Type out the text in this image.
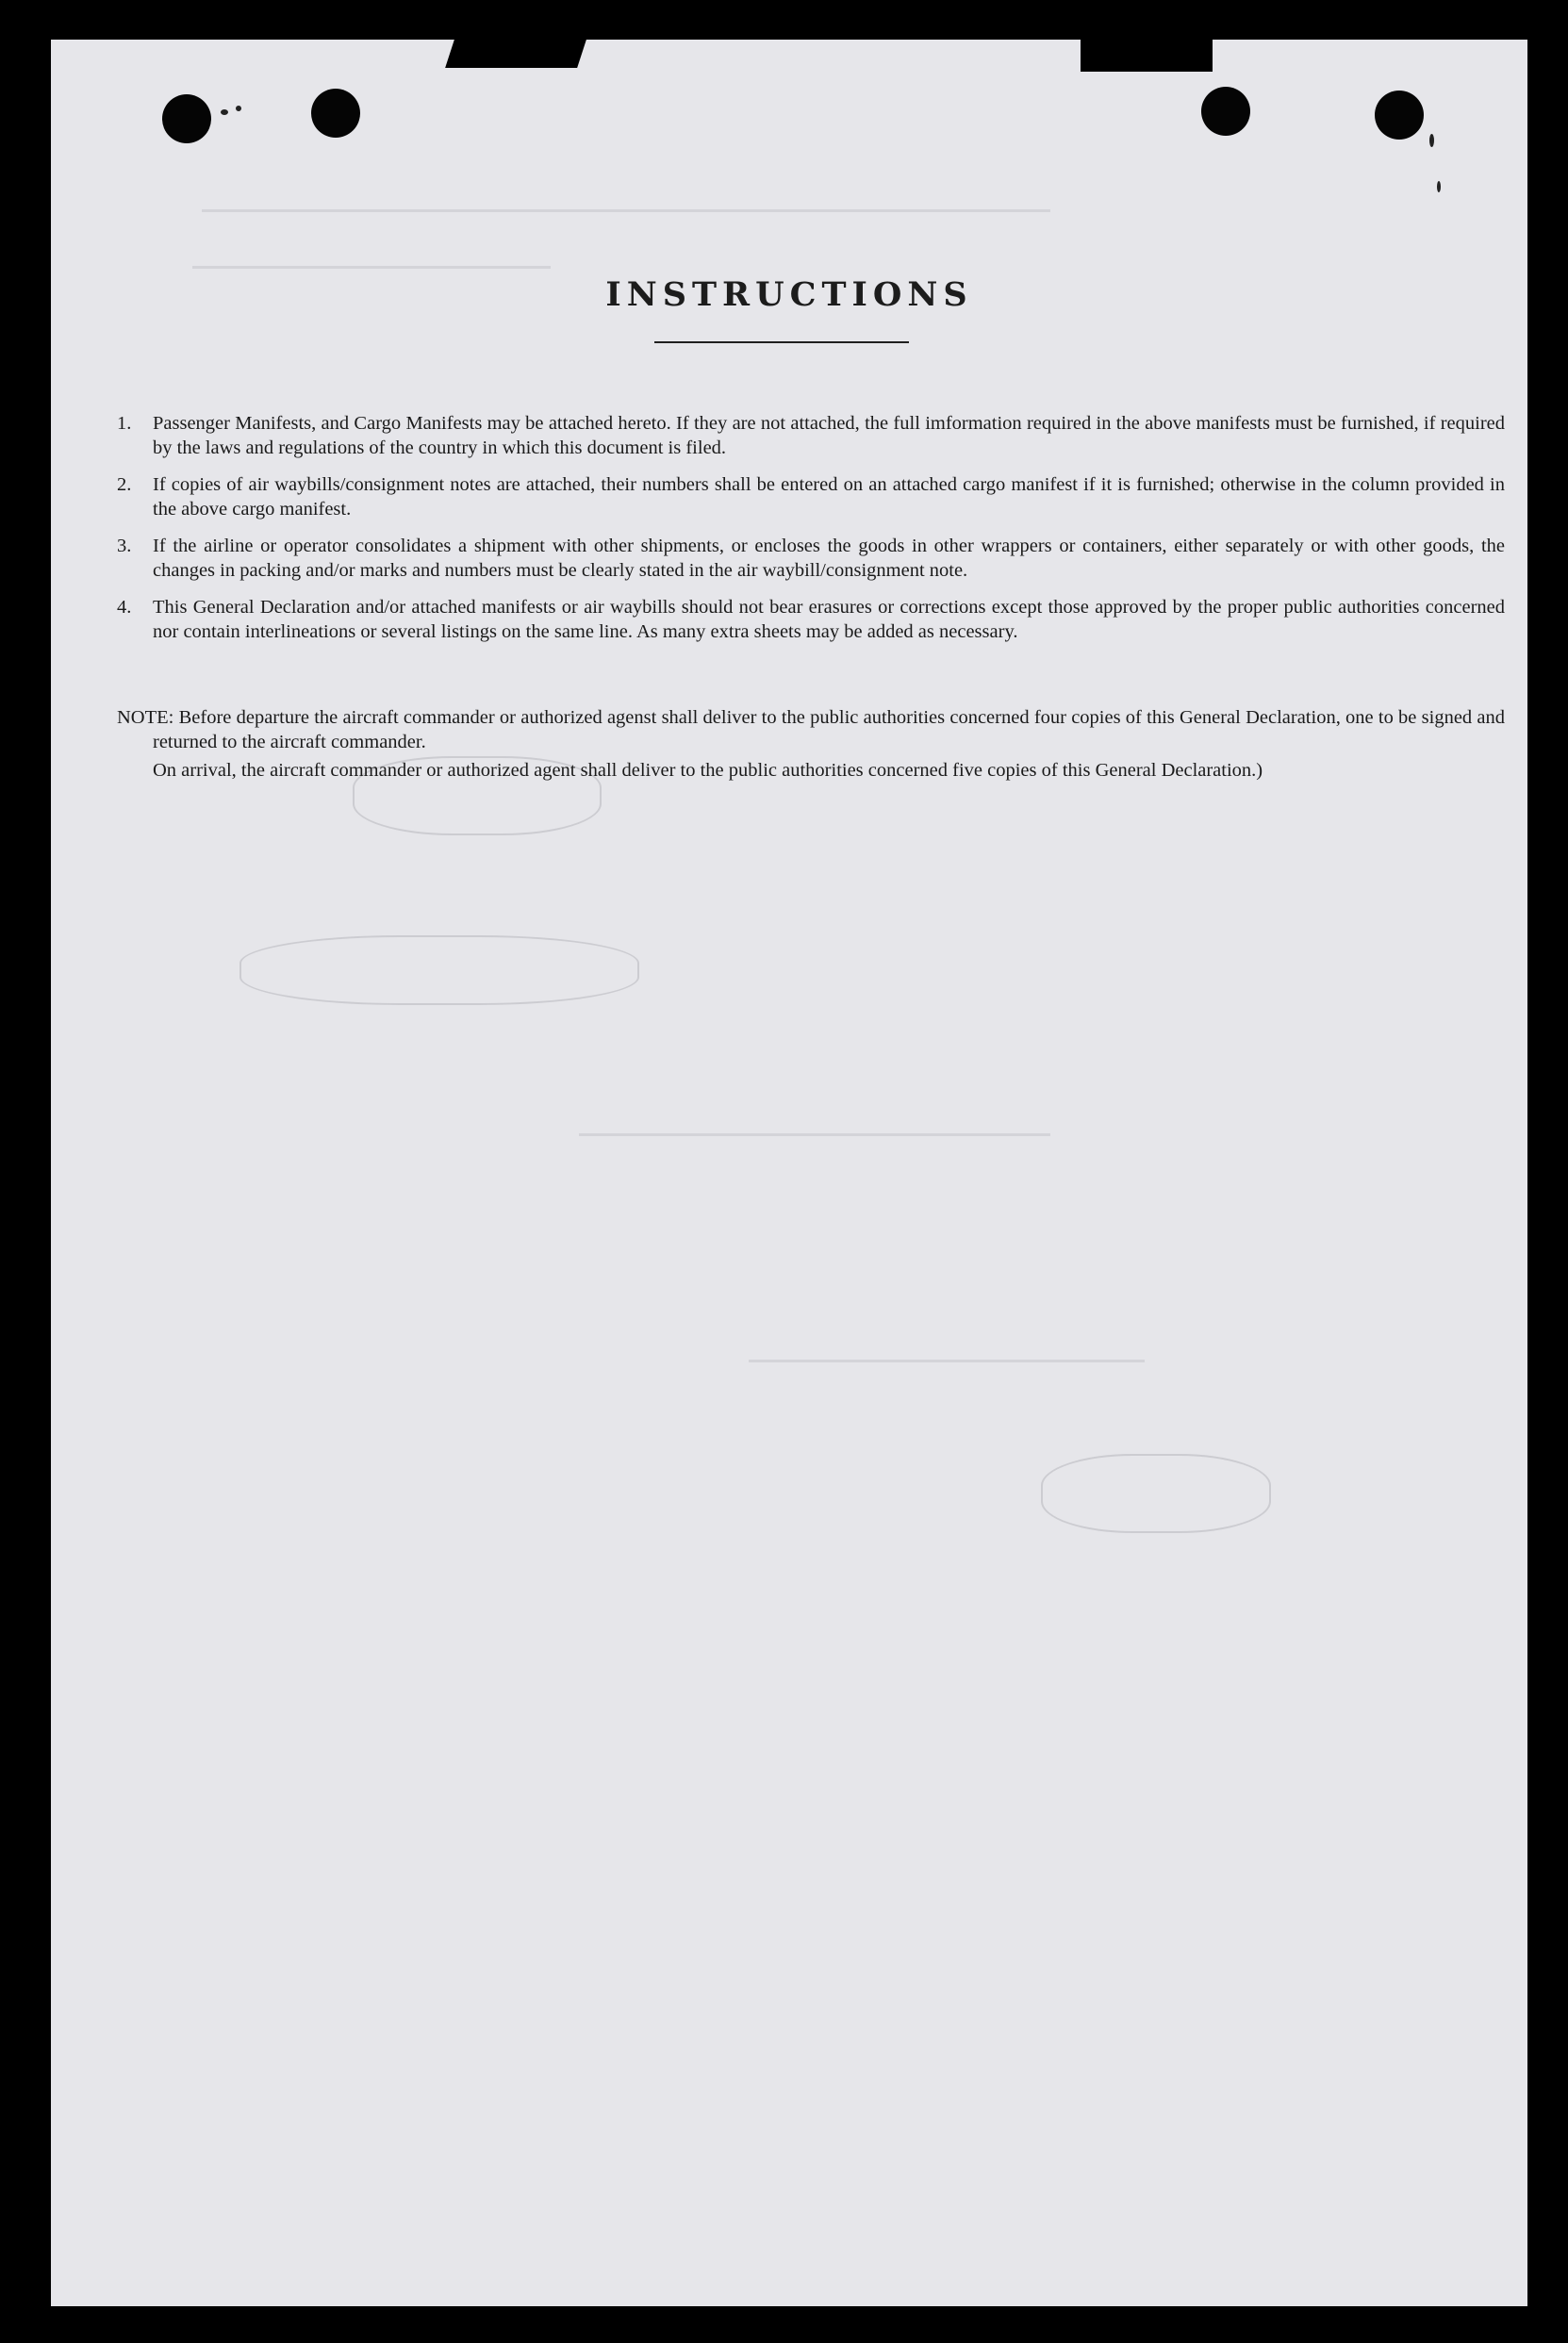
INSTRUCTIONS
1. Passenger Manifests, and Cargo Manifests may be attached hereto. If they are not attached, the full imformation required in the above manifests must be furnished, if required by the laws and regulations of the country in which this document is filed.
2. If copies of air waybills/consignment notes are attached, their numbers shall be entered on an attached cargo manifest if it is furnished; otherwise in the column provided in the above cargo manifest.
3. If the airline or operator consolidates a shipment with other shipments, or encloses the goods in other wrappers or containers, either separately or with other goods, the changes in packing and/or marks and numbers must be clearly stated in the air waybill/consignment note.
4. This General Declaration and/or attached manifests or air waybills should not bear erasures or corrections except those approved by the proper public authorities concerned nor contain interlineations or several listings on the same line. As many extra sheets may be added as necessary.

NOTE: Before departure the aircraft commander or authorized agenst shall deliver to the public authorities concerned four copies of this General Declaration, one to be signed and returned to the aircraft commander.

On arrival, the aircraft commander or authorized agent shall deliver to the public authorities concerned five copies of this General Declaration.)
